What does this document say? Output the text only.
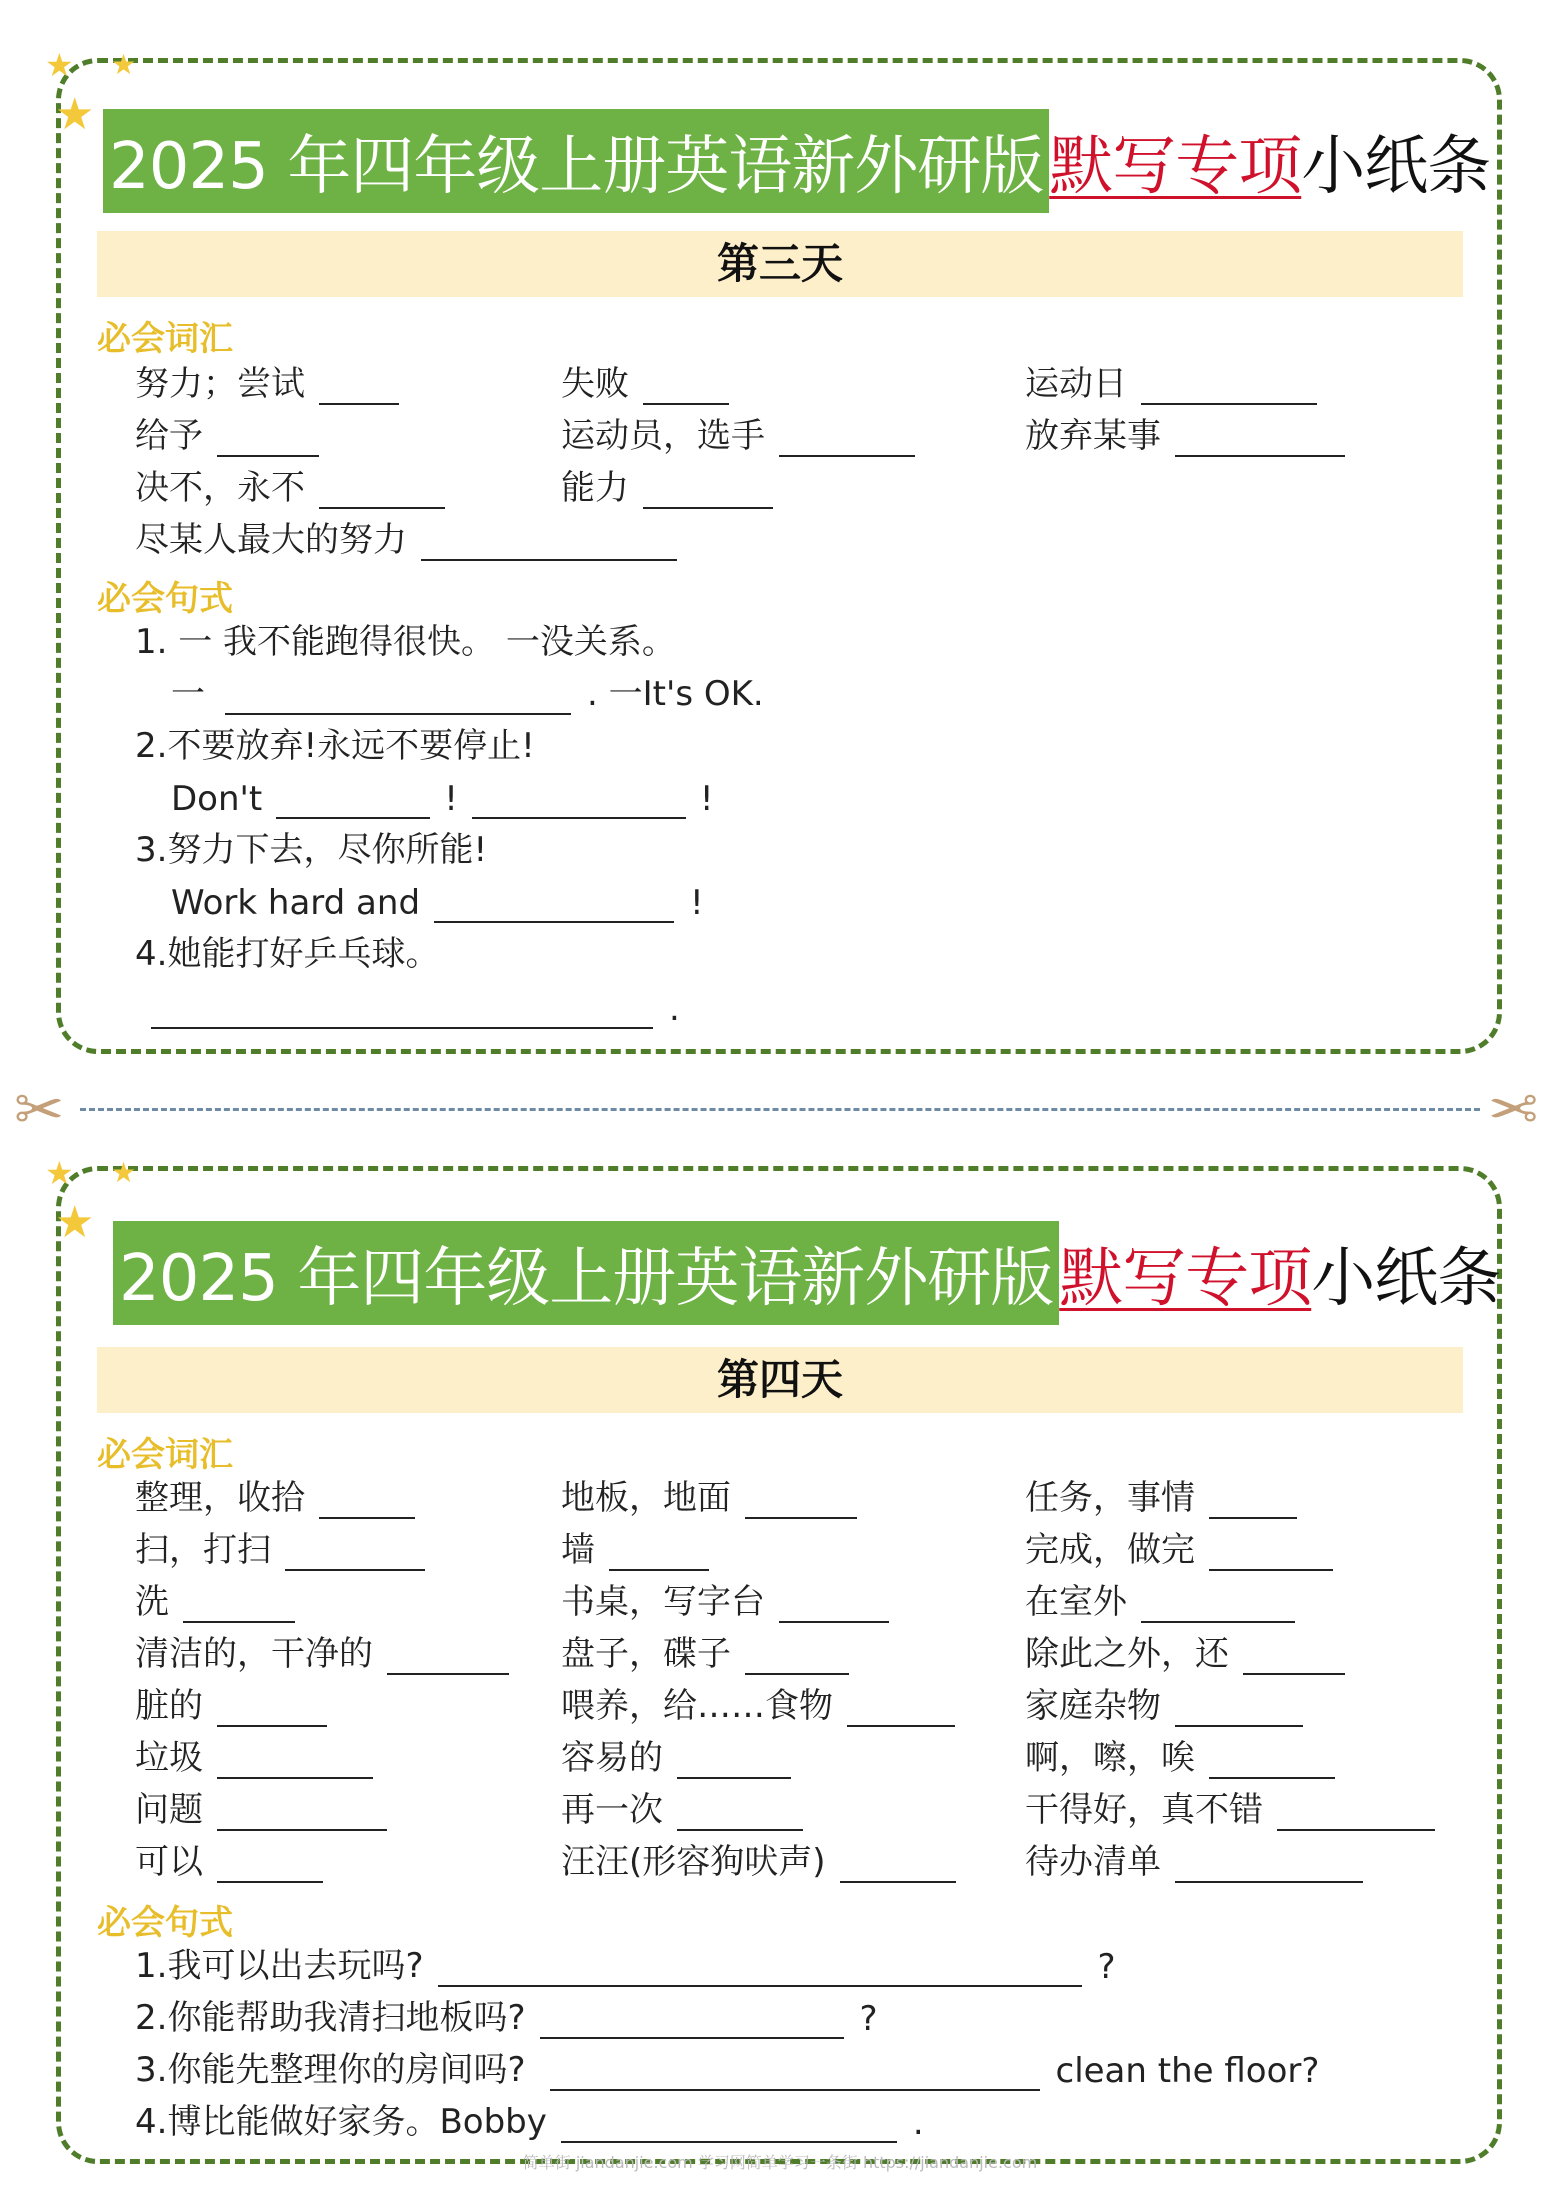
★ ★
★
2025 年四年级上册英语新外研版 默写专项 小纸条
第三天
必会词汇
努力；尝试	失败	运动日
给予	运动员，选手	放弃某事
决不，永不	能力
尽某人最大的努力
必会句式
1. 一 我不能跑得很快。 一没关系。
一	. 一It's OK.
2.不要放弃!永远不要停止!
Don't	!	!
3.努力下去，尽你所能!
Work hard and	!
4.她能打好乒乓球。
.
✂	✂
★ ★
★
2025 年四年级上册英语新外研版 默写专项 小纸条
第四天
必会词汇
整理，收拾	地板，地面	任务，事情
扫，打扫	墙	完成，做完
洗	书桌，写字台	在室外
清洁的，干净的	盘子，碟子	除此之外，还
脏的	喂养，给……食物	家庭杂物
垃圾	容易的	啊，嚓，唉
问题	再一次	干得好，真不错
可以	汪汪(形容狗吠声)	待办清单
必会句式
1.我可以出去玩吗?	?
2.你能帮助我清扫地板吗?	?
3.你能先整理你的房间吗?	clean the floor?
4.博比能做好家务。Bobby	.
简单街 jiandanjie.com 学习网简单学习一条街 https://jiandanjie.com
